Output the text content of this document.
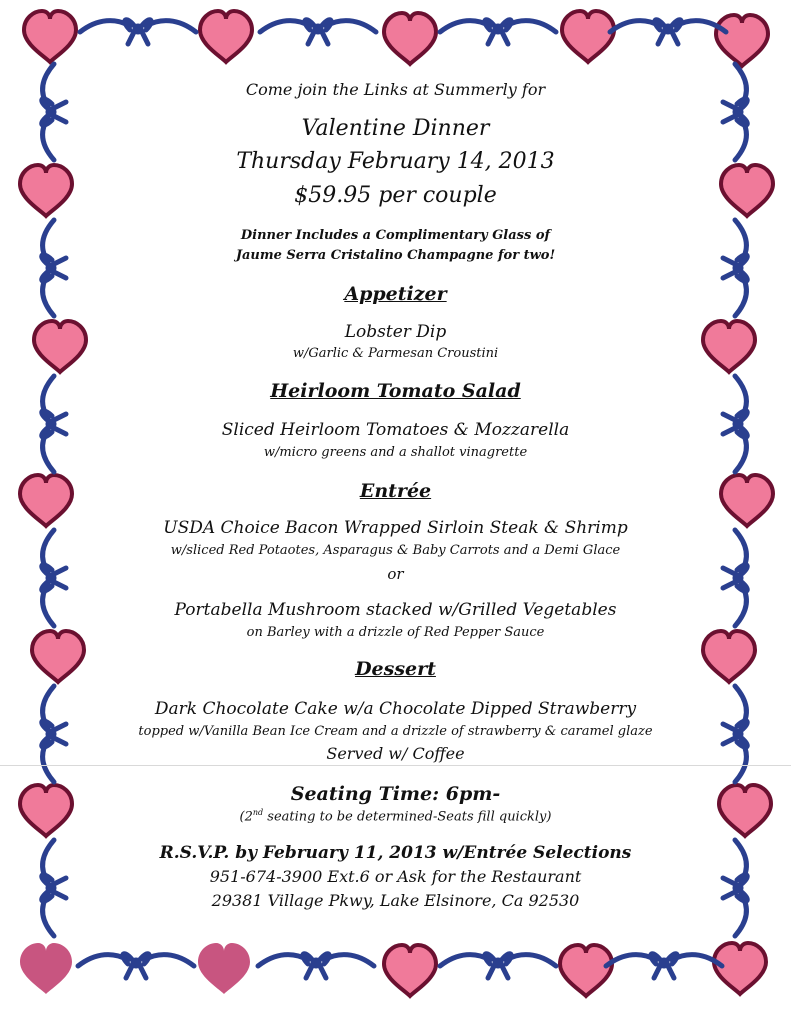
Come join the Links at Summerly for
Valentine Dinner
Thursday February 14, 2013
$59.95 per couple
Dinner Includes a Complimentary Glass of
Jaume Serra Cristalino Champagne for two!
Appetizer
Lobster Dip
w/Garlic & Parmesan Croustini
Heirloom Tomato Salad
Sliced Heirloom Tomatoes & Mozzarella
w/micro greens and a shallot vinagrette
Entrée
USDA Choice Bacon Wrapped Sirloin Steak & Shrimp
w/sliced Red Potaotes, Asparagus & Baby Carrots and a Demi Glace
or
Portabella Mushroom stacked w/Grilled Vegetables
on Barley with a drizzle of Red Pepper Sauce
Dessert
Dark Chocolate Cake w/a Chocolate Dipped Strawberry
topped w/Vanilla Bean Ice Cream and a drizzle of strawberry & caramel glaze
Served w/ Coffee
Seating Time: 6pm-
(2nd seating to be determined-Seats fill quickly)
R.S.V.P. by February 11, 2013 w/Entrée Selections
951-674-3900 Ext.6 or Ask for the Restaurant
29381 Village Pkwy, Lake Elsinore, Ca 92530
